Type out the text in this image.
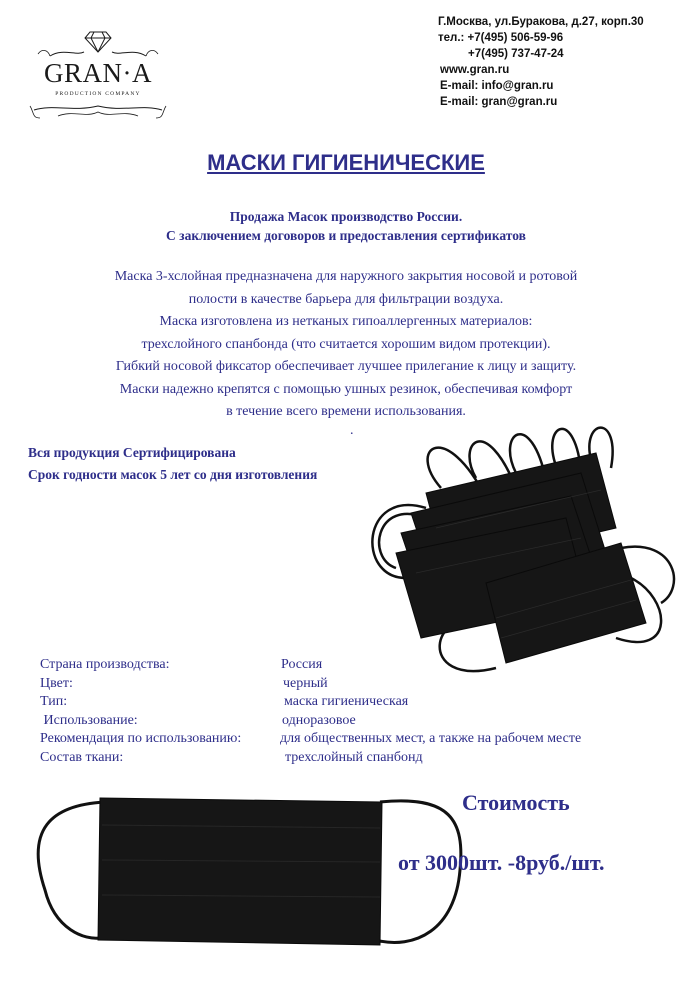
GRAN·A
PRODUCTION COMPANY
Г.Москва, ул.Буракова, д.27, корп.30
тел.: +7(495) 506-59-96
+7(495) 737-47-24
www.gran.ru
E-mail: info@gran.ru
E-mail: gran@gran.ru
МАСКИ ГИГИЕНИЧЕСКИЕ
Продажа Масок производство России.
С заключением договоров и предоставления сертификатов
Маска 3-хслойная предназначена для наружного закрытия носовой и ротовой
полости в качестве барьера для фильтрации воздуха.
Маска изготовлена из нетканых гипоаллергенных материалов:
трехслойного спанбонда (что считается хорошим видом протекции).
Гибкий носовой фиксатор обеспечивает лучшее прилегание к лицу и защиту.
Маски надежно крепятся с помощью ушных резинок, обеспечивая комфорт
в течение всего времени использования.
.
Вся продукция Сертифицирована
Срок годности масок 5 лет со дня изготовления
Страна производства:
Цвет:
Тип:
Использование:
Рекомендация по использованию:
Состав ткани:
Россия
черный
маска гигиеническая
одноразовое
для общественных мест, а также на рабочем месте
трехслойный спанбонд
Стоимость
от 3000шт. -8руб./шт.
